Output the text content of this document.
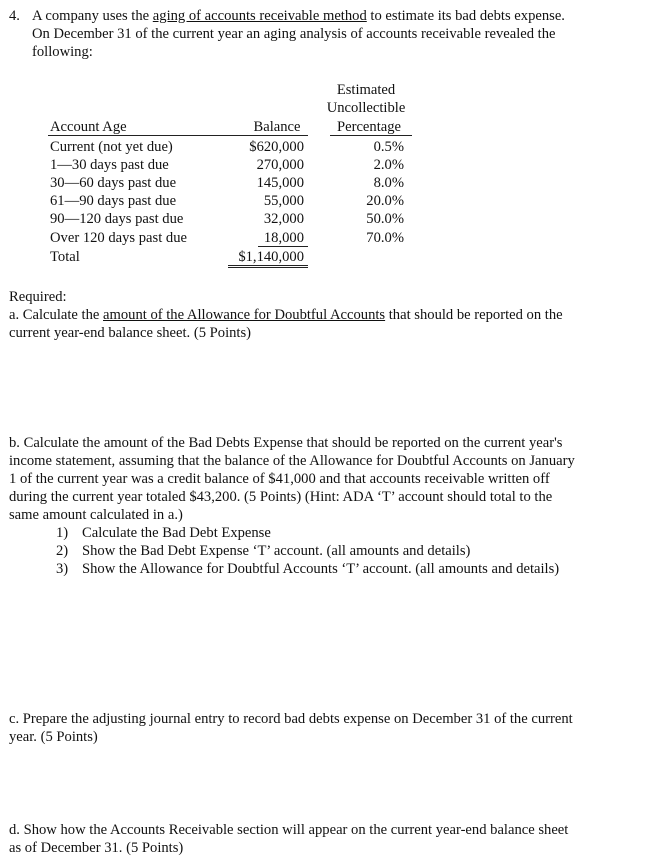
4. A company uses the aging of accounts receivable method to estimate its bad debts expense.
On December 31 of the current year an aging analysis of accounts receivable revealed the
following:
Estimated
Uncollectible
Account Age	Balance	Percentage
Current (not yet due)	$620,000	0.5%
1—30 days past due	270,000	2.0%
30—60 days past due	145,000	8.0%
61—90 days past due	55,000	20.0%
90—120 days past due	32,000	50.0%
Over 120 days past due	18,000	70.0%
Total	$1,140,000
Required:
a. Calculate the amount of the Allowance for Doubtful Accounts that should be reported on the
current year-end balance sheet. (5 Points)
b. Calculate the amount of the Bad Debts Expense that should be reported on the current year's
income statement, assuming that the balance of the Allowance for Doubtful Accounts on January
1 of the current year was a credit balance of $41,000 and that accounts receivable written off
during the current year totaled $43,200. (5 Points) (Hint: ADA ‘T’ account should total to the
same amount calculated in a.)
1) Calculate the Bad Debt Expense
2) Show the Bad Debt Expense ‘T’ account. (all amounts and details)
3) Show the Allowance for Doubtful Accounts ‘T’ account. (all amounts and details)
c. Prepare the adjusting journal entry to record bad debts expense on December 31 of the current
year. (5 Points)
d. Show how the Accounts Receivable section will appear on the current year-end balance sheet
as of December 31. (5 Points)
